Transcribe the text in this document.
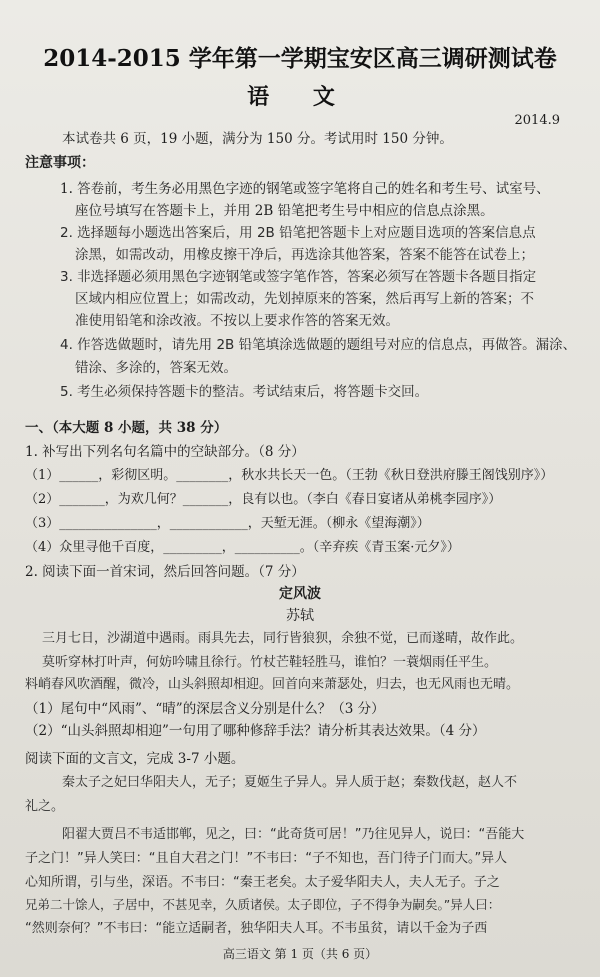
2014-2015 学年第一学期宝安区高三调研测试卷
语 文
2014.9
本试卷共 6 页，19 小题，满分为 150 分。考试用时 150 分钟。
注意事项：
1. 答卷前，考生务必用黑色字迹的钢笔或签字笔将自己的姓名和考生号、试室号、
座位号填写在答题卡上，并用 2B 铅笔把考生号中相应的信息点涂黑。
2. 选择题每小题选出答案后，用 2B 铅笔把答题卡上对应题目选项的答案信息点
涂黑，如需改动，用橡皮擦干净后，再选涂其他答案，答案不能答在试卷上；
3. 非选择题必须用黑色字迹钢笔或签字笔作答，答案必须写在答题卡各题目指定
区域内相应位置上；如需改动，先划掉原来的答案，然后再写上新的答案；不
准使用铅笔和涂改液。不按以上要求作答的答案无效。
4. 作答选做题时，请先用 2B 铅笔填涂选做题的题组号对应的信息点，再做答。漏涂、
错涂、多涂的，答案无效。
5. 考生必须保持答题卡的整洁。考试结束后，将答题卡交回。
一、（本大题 8 小题，共 38 分）
1. 补写出下列名句名篇中的空缺部分。（8 分）
（1）______，彩彻区明。________，秋水共长天一色。（王勃《秋日登洪府滕王阁饯别序》）
（2）_______，为欢几何？_______，良有以也。（李白《春日宴诸从弟桃李园序》）
（3）_______________，____________，天堑无涯。（柳永《望海潮》）
（4）众里寻他千百度，_________，__________。（辛弃疾《青玉案·元夕》）
2. 阅读下面一首宋词，然后回答问题。（7 分）
定风波
苏轼
三月七日，沙湖道中遇雨。雨具先去，同行皆狼狈，余独不觉，已而遂晴，故作此。
莫听穿林打叶声，何妨吟啸且徐行。竹杖芒鞋轻胜马，谁怕？一蓑烟雨任平生。
料峭春风吹酒醒，微冷，山头斜照却相迎。回首向来萧瑟处，归去，也无风雨也无晴。
（1）尾句中“风雨”、“晴”的深层含义分别是什么？（3 分）
（2）“山头斜照却相迎”一句用了哪种修辞手法？请分析其表达效果。（4 分）
阅读下面的文言文，完成 3-7 小题。
秦太子之妃曰华阳夫人，无子；夏姬生子异人。异人质于赵；秦数伐赵，赵人不
礼之。
阳翟大贾吕不韦适邯郸，见之，曰：“此奇货可居！”乃往见异人，说曰：“吾能大
子之门！”异人笑曰：“且自大君之门！”不韦曰：“子不知也，吾门待子门而大。”异人
心知所谓，引与坐，深语。不韦曰：“秦王老矣。太子爱华阳夫人，夫人无子。子之
兄弟二十馀人，子居中，不甚见幸，久质诸侯。太子即位，子不得争为嗣矣。”异人曰：
“然则奈何？”不韦曰：“能立适嗣者，独华阳夫人耳。不韦虽贫，请以千金为子西
高三语文 第 1 页（共 6 页）
